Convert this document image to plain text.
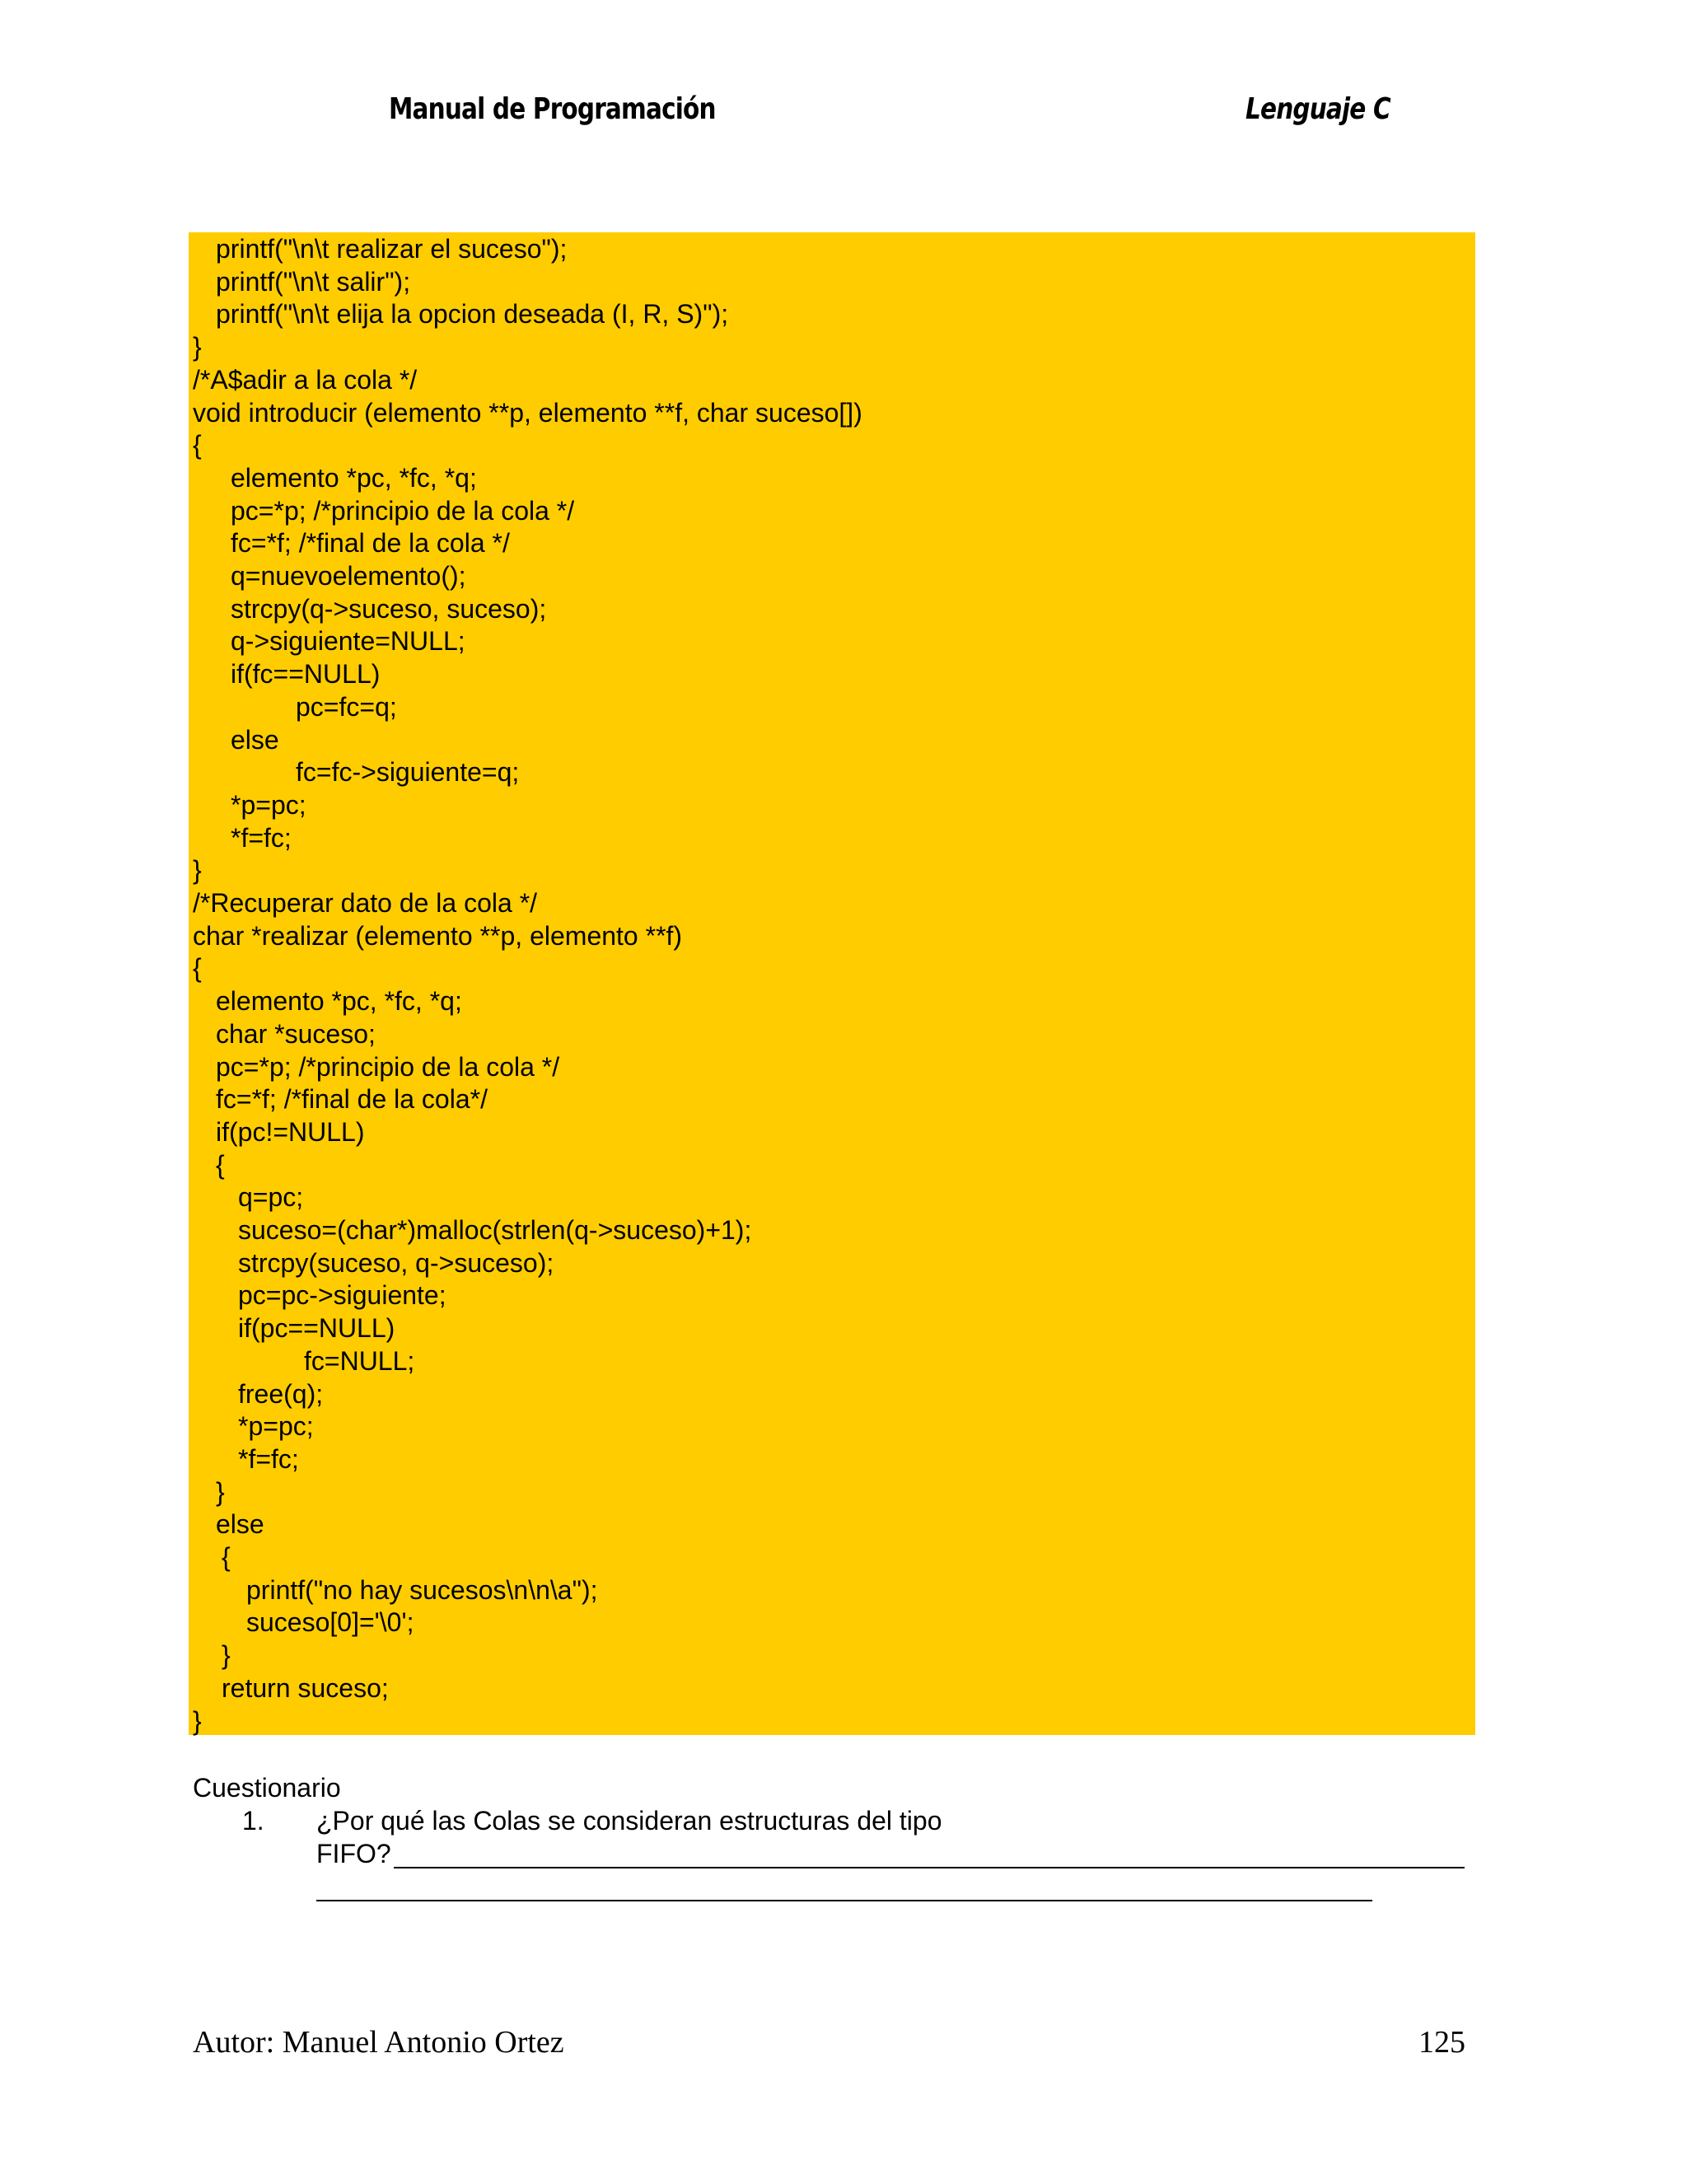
Manual de Programación	Lenguaje C
printf("\n\t realizar el suceso");
printf("\n\t salir");
printf("\n\t elija la opcion deseada (I, R, S)");
}
/*A$adir a la cola */
void introducir (elemento **p, elemento **f, char suceso[])
{
elemento *pc, *fc, *q;
pc=*p; /*principio de la cola */
fc=*f; /*final de la cola */
q=nuevoelemento();
strcpy(q->suceso, suceso);
q->siguiente=NULL;
if(fc==NULL)
pc=fc=q;
else
fc=fc->siguiente=q;
*p=pc;
*f=fc;
}
/*Recuperar dato de la cola */
char *realizar (elemento **p, elemento **f)
{
elemento *pc, *fc, *q;
char *suceso;
pc=*p; /*principio de la cola */
fc=*f; /*final de la cola*/
if(pc!=NULL)
{
q=pc;
suceso=(char*)malloc(strlen(q->suceso)+1);
strcpy(suceso, q->suceso);
pc=pc->siguiente;
if(pc==NULL)
fc=NULL;
free(q);
*p=pc;
*f=fc;
}
else
{
printf("no hay sucesos\n\n\a");
suceso[0]='\0';
}
return suceso;
}
Cuestionario
1. ¿Por qué las Colas se consideran estructuras del tipo
FIFO?
Autor: Manuel Antonio Ortez	125
